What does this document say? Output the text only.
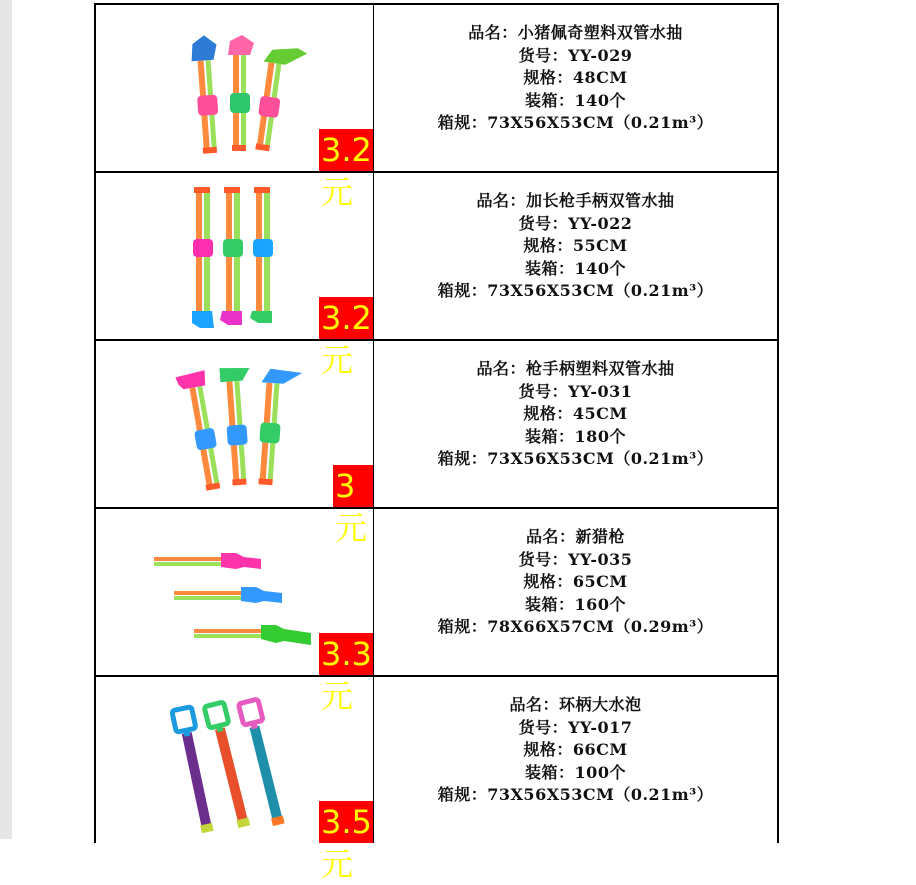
3.2元
品名：小猪佩奇塑料双管水抽
货号：YY-029
规格：48CM
装箱：140个
箱规：73X56X53CM（0.21m³）
3.2元
品名：加长枪手柄双管水抽
货号：YY-022
规格：55CM
装箱：140个
箱规：73X56X53CM（0.21m³）
3元
品名：枪手柄塑料双管水抽
货号：YY-031
规格：45CM
装箱：180个
箱规：73X56X53CM（0.21m³）
3.3元
品名：新猎枪
货号：YY-035
规格：65CM
装箱：160个
箱规：78X66X57CM（0.29m³）
3.5元
品名：环柄大水泡
货号：YY-017
规格：66CM
装箱：100个
箱规：73X56X53CM（0.21m³）
